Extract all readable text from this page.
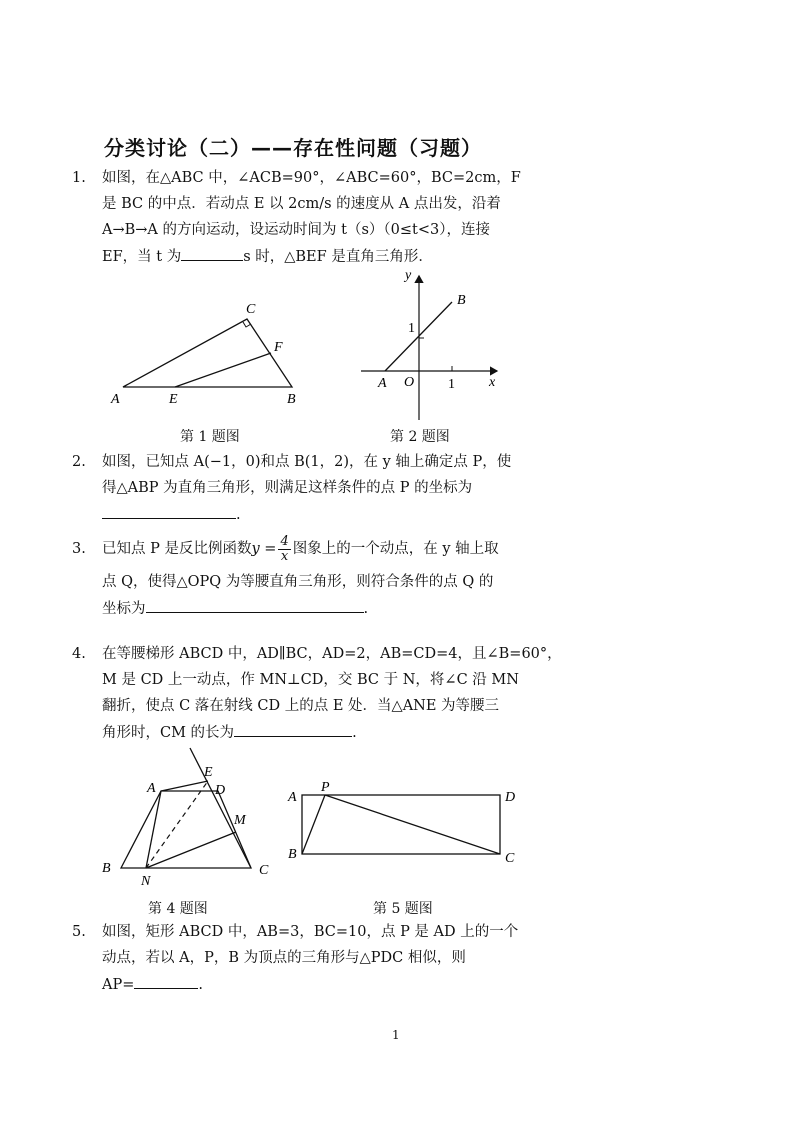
分类讨论（二）——存在性问题（习题）
1. 如图，在△ABC 中，∠ACB=90°，∠ABC=60°，BC=2cm，F
是 BC 的中点．若动点 E 以 2cm/s 的速度从 A 点出发，沿着
A→B→A 的方向运动，设运动时间为 t（s）（0≤t<3），连接
EF，当 t 为	s 时，△BEF 是直角三角形．
A	E	B
C
F
第 1 题图
y
x
B
A O 1
1
第 2 题图
2. 如图，已知点 A(−1，0)和点 B(1，2)，在 y 轴上确定点 P，使
得△ABP 为直角三角形，则满足这样条件的点 P 的坐标为
.
3. 已知点 P 是反比例函数$y = \frac{4}{x}$ 图象上的一个动点，在 y 轴上取
点 Q，使得△OPQ 为等腰直角三角形，则符合条件的点 Q 的
坐标为	.
4. 在等腰梯形 ABCD 中，AD∥BC，AD=2，AB=CD=4，且∠B=60°，
M 是 CD 上一动点，作 MN⊥CD，交 BC 于 N，将∠C 沿 MN
翻折，使点 C 落在射线 CD 上的点 E 处．当△ANE 为等腰三
角形时，CM 的长为	.
A
E
D
M
B	C
N
第 4 题图
A
P
D
B	C
第 5 题图
5. 如图，矩形 ABCD 中，AB=3，BC=10，点 P 是 AD 上的一个
动点，若以 A，P，B 为顶点的三角形与△PDC 相似，则
AP=	.
1
